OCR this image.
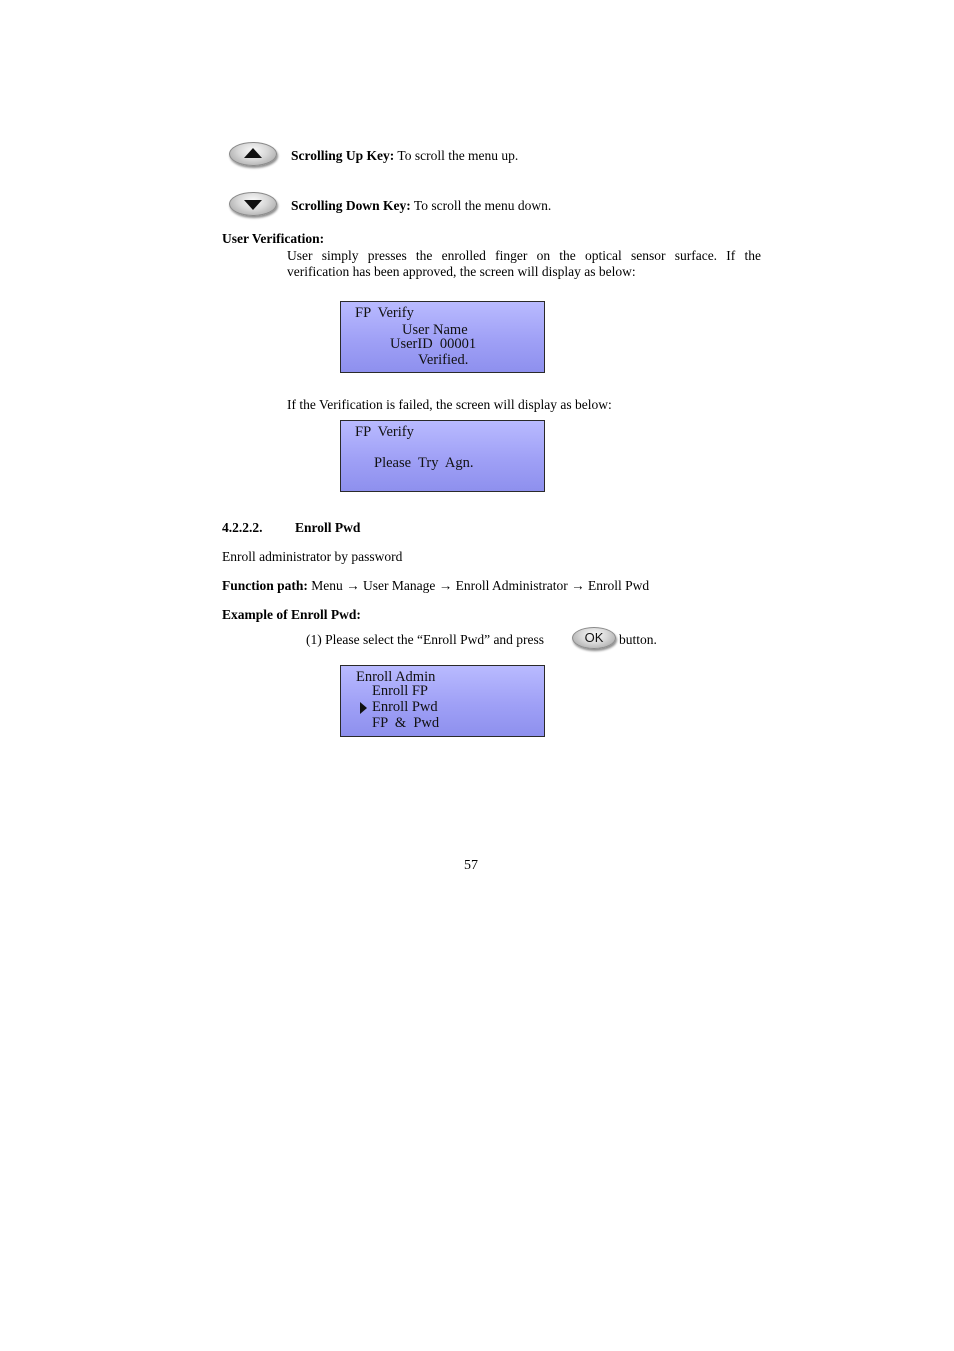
Scrolling Up Key: To scroll the menu up.
Scrolling Down Key: To scroll the menu down.
User Verification:
User simply presses the enrolled finger on the optical sensor surface. If the
verification has been approved, the screen will display as below:
FP  Verify
User Name
UserID  00001
Verified.
If the Verification is failed, the screen will display as below:
FP  Verify
Please  Try  Agn.
4.2.2.2. Enroll Pwd
Enroll administrator by password
Function path: Menu → User Manage → Enroll Administrator → Enroll Pwd
Example of Enroll Pwd:
(1) Please select the “Enroll Pwd” and press	OK	button.
Enroll Admin
Enroll FP
Enroll Pwd
FP  &  Pwd
57
